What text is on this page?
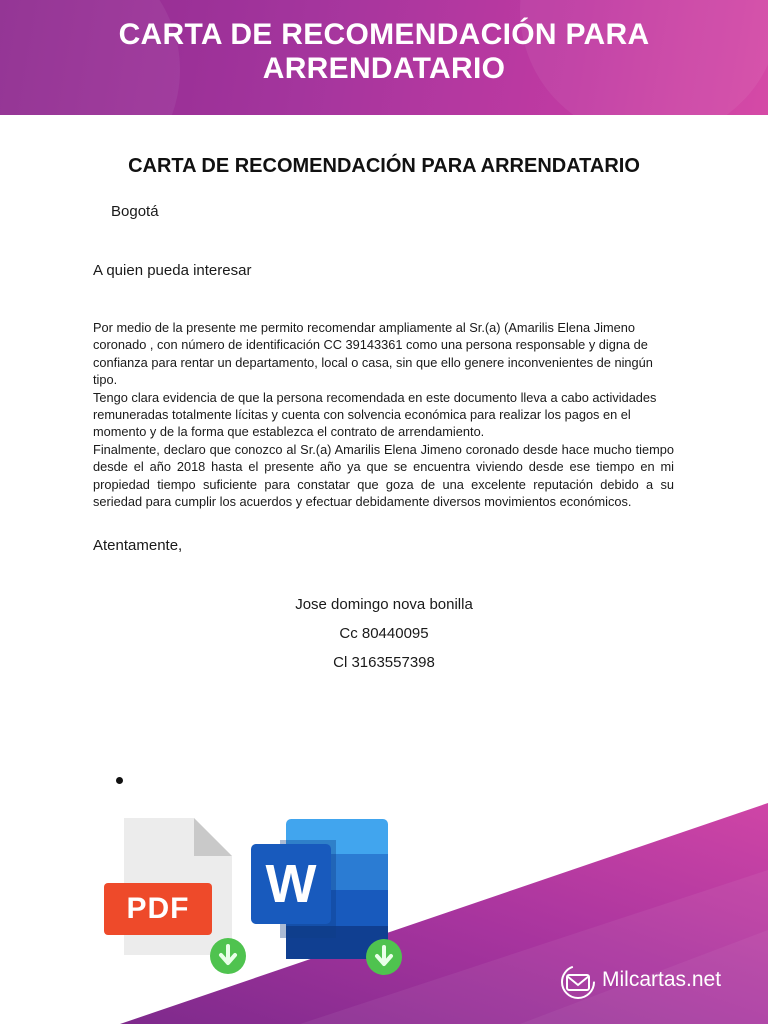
CARTA DE RECOMENDACIÓN PARA ARRENDATARIO
CARTA DE RECOMENDACIÓN PARA ARRENDATARIO
Bogotá
A quien pueda interesar

Por medio de la presente me permito recomendar ampliamente al Sr.(a) (Amarilis Elena Jimeno coronado , con número de identificación CC 39143361 como una persona responsable y digna de confianza para rentar un departamento, local o casa, sin que ello genere inconvenientes de ningún tipo.

Tengo clara evidencia de que la persona recomendada en este documento lleva a cabo actividades remuneradas totalmente lícitas y cuenta con solvencia económica para realizar los pagos en el momento y de la forma que establezca el contrato de arrendamiento.

Finalmente, declaro que conozco al Sr.(a) Amarilis Elena Jimeno coronado desde hace mucho tiempo desde el año 2018 hasta el presente año ya que se encuentra viviendo desde ese tiempo en mi propiedad tiempo suficiente para constatar que goza de una excelente reputación debido a su seriedad para cumplir los acuerdos y efectuar debidamente diversos movimientos económicos.

Atentamente,
Jose domingo nova bonilla
Cc 80440095
Cl 3163557398
PDF	W
Milcartas.net
